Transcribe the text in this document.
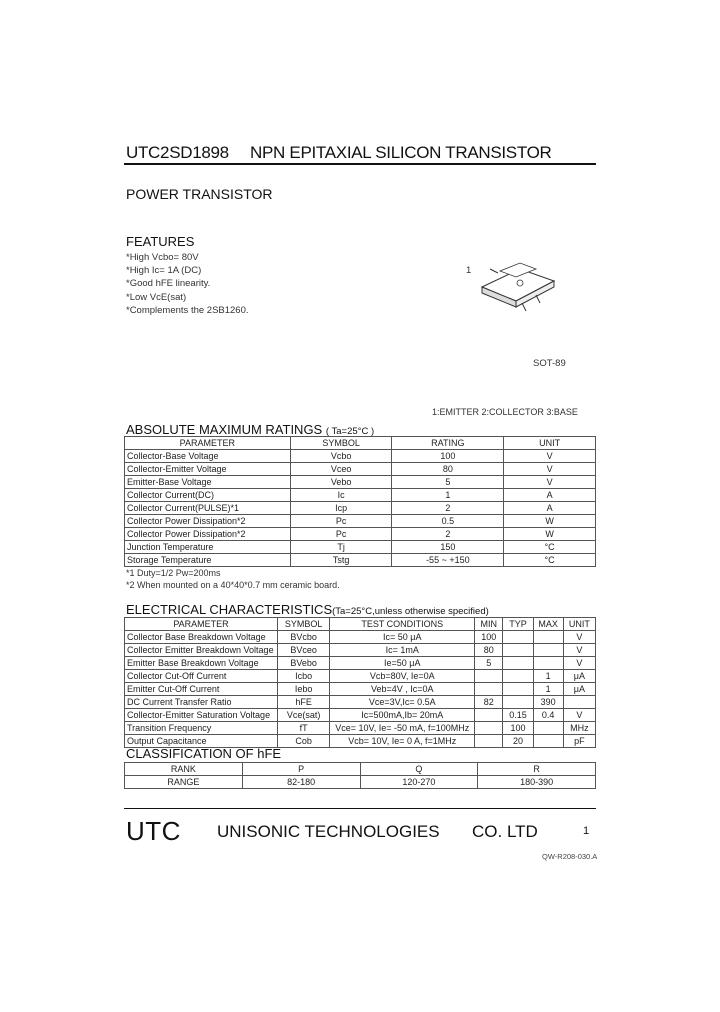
UTC2SD1898 NPN EPITAXIAL SILICON TRANSISTOR
POWER TRANSISTOR
FEATURES
*High Vcbo= 80V
*High Ic= 1A (DC)
*Good hFE linearity.
*Low VcE(sat)
*Complements the 2SB1260.
1
SOT-89
1:EMITTER 2:COLLECTOR 3:BASE
ABSOLUTE MAXIMUM RATINGS ( Ta=25°C )
PARAMETER	SYMBOL	RATING	UNIT
Collector-Base Voltage	Vcbo	100	V
Collector-Emitter Voltage	Vceo	80	V
Emitter-Base Voltage	Vebo	5	V
Collector Current(DC)	Ic	1	A
Collector Current(PULSE)*1	Icp	2	A
Collector Power Dissipation*2	Pc	0.5	W
Collector Power Dissipation*2	Pc	2	W
Junction Temperature	Tj	150	°C
Storage Temperature	Tstg	-55 ~ +150	°C
*1 Duty=1/2 Pw=200ms
*2 When mounted on a 40*40*0.7 mm ceramic board.
ELECTRICAL CHARACTERISTICS(Ta=25°C,unless otherwise specified)
PARAMETER	SYMBOL	TEST CONDITIONS	MIN	TYP	MAX	UNIT
Collector Base Breakdown Voltage	BVcbo	Ic= 50 μA	100			V
Collector Emitter Breakdown Voltage	BVceo	Ic= 1mA	80			V
Emitter Base Breakdown Voltage	BVebo	Ie=50 μA	5			V
Collector Cut-Off Current	Icbo	Vcb=80V, Ie=0A			1	μA
Emitter Cut-Off Current	Iebo	Veb=4V , Ic=0A			1	μA
DC Current Transfer Ratio	hFE	Vce=3V,Ic= 0.5A	82		390	
Collector-Emitter Saturation Voltage	Vce(sat)	Ic=500mA,Ib= 20mA		0.15	0.4	V
Transition Frequency	fT	Vce= 10V, Ie= -50 mA, f=100MHz		100		MHz
Output Capacitance	Cob	Vcb= 10V, Ie= 0 A, f=1MHz		20		pF
CLASSIFICATION OF hFE
RANK	P	Q	R
RANGE	82-180	120-270	180-390
UTC UNISONIC TECHNOLOGIES CO. LTD	1
QW-R208-030.A
